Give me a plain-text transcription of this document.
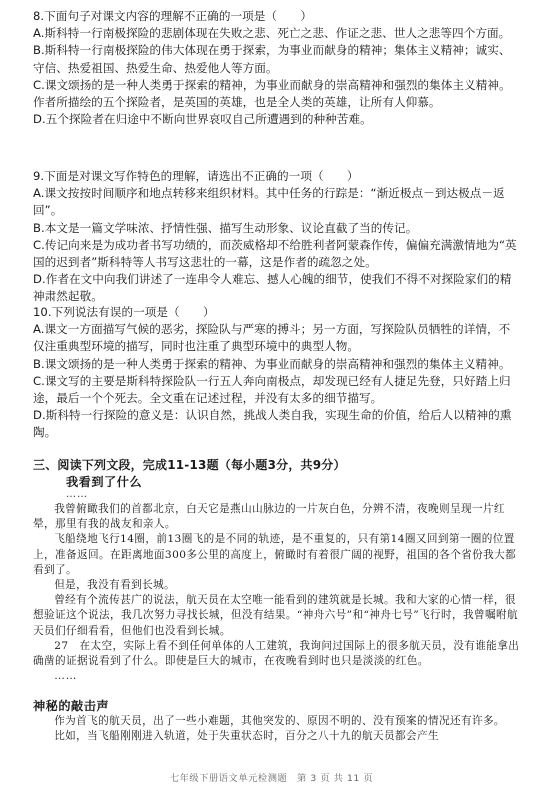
8.下面句子对课文内容的理解不正确的一项是（　　）

A.斯科特一行南极探险的悲剧体现在失败之悲、死亡之悲、作证之悲、世人之悲等四个方面。

B.斯科特一行南极探险的伟大体现在勇于探索，为事业而献身的精神；集体主义精神；诚实、守信、热爱祖国、热爱生命、热爱他人等方面。

C.课文颂扬的是一种人类勇于探索的精神，为事业而献身的崇高精神和强烈的集体主义精神。作者所描绘的五个探险者，是英国的英雄，也是全人类的英雄，让所有人仰慕。

D.五个探险者在归途中不断向世界哀叹自己所遭遇到的种种苦难。

9.下面是对课文写作特色的理解，请选出不正确的一项（　　）

A.课文按按时间顺序和地点转移来组织材料。其中任务的行踪是：“渐近极点－到达极点－返回”。

B.本文是一篇文学味浓、抒情性强、描写生动形象、议论直截了当的传记。

C.传记向来是为成功者书写功绩的，而茨威格却不给胜利者阿蒙森作传，偏偏充满激情地为“英国的迟到者”斯科特等人书写这悲壮的一幕，这是作者的疏忽之处。

D.作者在文中向我们讲述了一连串令人难忘、撼人心魄的细节，使我们不得不对探险家们的精神肃然起敬。

10.下列说法有误的一项是（　　）

A.课文一方面描写气候的恶劣，探险队与严寒的搏斗；另一方面，写探险队员牺牲的详情，不仅注重典型环境的描写，同时也注重了典型环境中的典型人物。

B.课文颂扬的是一种人类勇于探索的精神、为事业而献身的崇高精神和强烈的集体主义精神。

C.课文写的主要是斯科特探险队一行五人奔向南极点，却发现已经有人捷足先登，只好踏上归途，最后一个个死去。全文重在记述过程，并没有太多的细节描写。

D.斯科特一行探险的意义是：认识自然，挑战人类自我，实现生命的价值，给后人以精神的熏陶。

三、阅读下列文段，完成11-13题（每小题3分，共9分）
我看到了什么
……

我曾俯瞰我们的首都北京，白天它是燕山山脉边的一片灰白色，分辨不清，夜晚则呈现一片红晕，那里有我的战友和亲人。

飞船绕地飞行14圈，前13圈飞的是不同的轨迹，是不重复的，只有第14圈又回到第一圈的位置上，准备返回。在距离地面300多公里的高度上，俯瞰时有着很广阔的视野，祖国的各个省份我大都看到了。

但是，我没有看到长城。

曾经有个流传甚广的说法，航天员在太空唯一能看到的建筑就是长城。我和大家的心情一样，很想验证这个说法，我几次努力寻找长城，但没有结果。“神舟六号”和“神舟七号”飞行时，我曾嘱咐航天员们仔细看看，但他们也没看到长城。

27　在太空，实际上看不到任何单体的人工建筑，我询问过国际上的很多航天员，没有谁能拿出确凿的证据说看到了什么。即使是巨大的城市，在夜晚看到时也只是淡淡的红色。

……

神秘的敲击声

作为首飞的航天员，出了一些小难题，其他突发的、原因不明的、没有预案的情况还有许多。

比如，当飞船刚刚进入轨道，处于失重状态时，百分之八十九的航天员都会产生

七年级下册语文单元检测题　第 3 页 共 11 页
